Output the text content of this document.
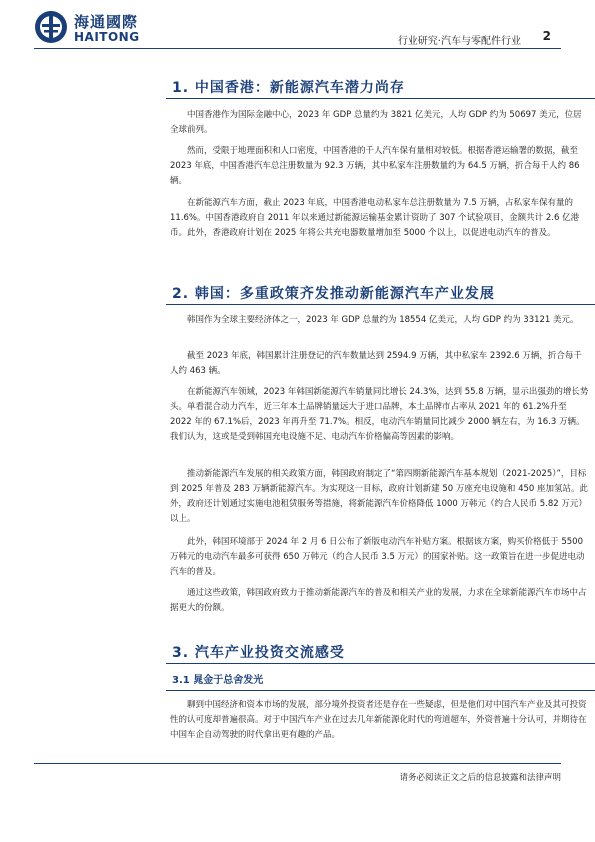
海通國際
HAITONG	行业研究·汽车与零配件行业 2
1. 中国香港：新能源汽车潜力尚存
中国香港作为国际金融中心，2023 年 GDP 总量约为 3821 亿美元，人均 GDP 约为 50697 美元，位居全球前列。
然而，受限于地理面积和人口密度，中国香港的千人汽车保有量相对较低。根据香港运输署的数据，截至 2023 年底，中国香港汽车总注册数量为 92.3 万辆，其中私家车注册数量约为 64.5 万辆，折合每千人约 86 辆。
在新能源汽车方面，截止 2023 年底，中国香港电动私家车总注册数量为 7.5 万辆，占私家车保有量的 11.6%。中国香港政府自 2011 年以来通过新能源运输基金累计资助了 307 个试验项目，金额共计 2.6 亿港币。此外，香港政府计划在 2025 年将公共充电器数量增加至 5000 个以上，以促进电动汽车的普及。
2. 韩国：多重政策齐发推动新能源汽车产业发展
韩国作为全球主要经济体之一，2023 年 GDP 总量约为 18554 亿美元，人均 GDP 约为 33121 美元。
截至 2023 年底，韩国累计注册登记的汽车数量达到 2594.9 万辆，其中私家车 2392.6 万辆，折合每千人约 463 辆。
在新能源汽车领域，2023 年韩国新能源汽车销量同比增长 24.3%，达到 55.8 万辆，显示出强劲的增长势头。单看混合动力汽车，近三年本土品牌销量远大于进口品牌，本土品牌市占率从 2021 年的 61.2%升至 2022 年的 67.1%后，2023 年再升至 71.7%。相反，电动汽车销量同比减少 2000 辆左右，为 16.3 万辆。我们认为，这或是受到韩国充电设施不足、电动汽车价格偏高等因素的影响。
推动新能源汽车发展的相关政策方面，韩国政府制定了“第四期新能源汽车基本规划（2021-2025）”，目标到 2025 年普及 283 万辆新能源汽车。为实现这一目标，政府计划新建 50 万座充电设施和 450 座加氢站。此外，政府还计划通过实施电池租赁服务等措施，将新能源汽车价格降低 1000 万韩元（约合人民币 5.82 万元）以上。
此外，韩国环境部于 2024 年 2 月 6 日公布了新版电动汽车补贴方案。根据该方案，购买价格低于 5500 万韩元的电动汽车最多可获得 650 万韩元（约合人民币 3.5 万元）的国家补贴。这一政策旨在进一步促进电动汽车的普及。
通过这些政策，韩国政府致力于推动新能源汽车的普及和相关产业的发展，力求在全球新能源汽车市场中占据更大的份额。
3. 汽车产业投资交流感受
3.1 晁金于总舍发光
聊到中国经济和资本市场的发展，部分境外投资者还是存在一些疑虑，但是他们对中国汽车产业及其可投资性的认可度却普遍很高。对于中国汽车产业在过去几年新能源化时代的弯道超车，外资普遍十分认可，并期待在中国车企自动驾驶的时代拿出更有趣的产品。
请务必阅读正文之后的信息披露和法律声明
